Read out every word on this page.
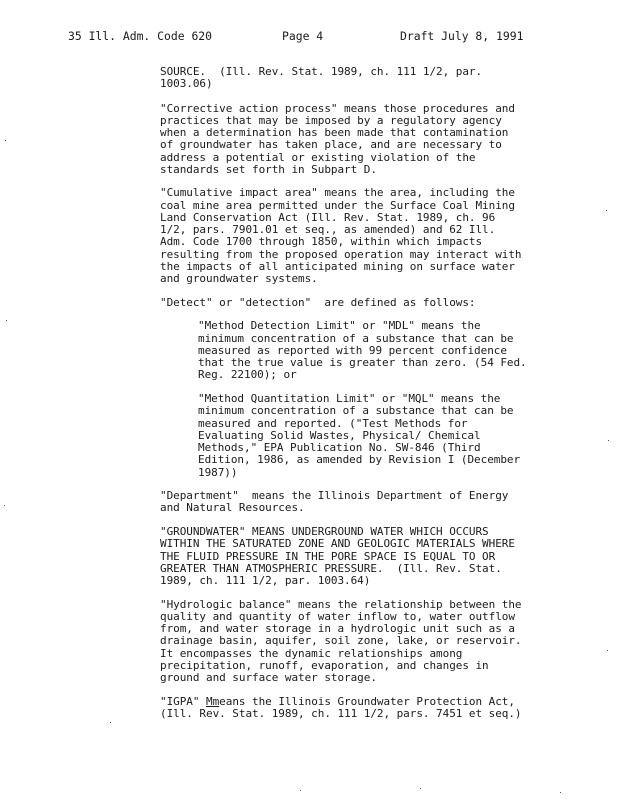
35 Ill. Adm. Code 620	Page 4	Draft July 8, 1991

SOURCE.  (Ill. Rev. Stat. 1989, ch. 111 1/2, par.
1003.06)

"Corrective action process" means those procedures and
practices that may be imposed by a regulatory agency
when a determination has been made that contamination
of groundwater has taken place, and are necessary to
address a potential or existing violation of the
standards set forth in Subpart D.

"Cumulative impact area" means the area, including the
coal mine area permitted under the Surface Coal Mining
Land Conservation Act (Ill. Rev. Stat. 1989, ch. 96
1/2, pars. 7901.01 et seq., as amended) and 62 Ill.
Adm. Code 1700 through 1850, within which impacts
resulting from the proposed operation may interact with
the impacts of all anticipated mining on surface water
and groundwater systems.

"Detect" or "detection"  are defined as follows:

"Method Detection Limit" or "MDL" means the
minimum concentration of a substance that can be
measured as reported with 99 percent confidence
that the true value is greater than zero. (54 Fed.
Reg. 22100); or

"Method Quantitation Limit" or "MQL" means the
minimum concentration of a substance that can be
measured and reported. ("Test Methods for
Evaluating Solid Wastes, Physical/ Chemical
Methods," EPA Publication No. SW-846 (Third
Edition, 1986, as amended by Revision I (December
1987))

"Department"  means the Illinois Department of Energy
and Natural Resources.

"GROUNDWATER" MEANS UNDERGROUND WATER WHICH OCCURS
WITHIN THE SATURATED ZONE AND GEOLOGIC MATERIALS WHERE
THE FLUID PRESSURE IN THE PORE SPACE IS EQUAL TO OR
GREATER THAN ATMOSPHERIC PRESSURE.  (Ill. Rev. Stat.
1989, ch. 111 1/2, par. 1003.64)

"Hydrologic balance" means the relationship between the
quality and quantity of water inflow to, water outflow
from, and water storage in a hydrologic unit such as a
drainage basin, aquifer, soil zone, lake, or reservoir.
It encompasses the dynamic relationships among
precipitation, runoff, evaporation, and changes in
ground and surface water storage.

"IGPA" Mmeans the Illinois Groundwater Protection Act,
(Ill. Rev. Stat. 1989, ch. 111 1/2, pars. 7451 et seq.)
